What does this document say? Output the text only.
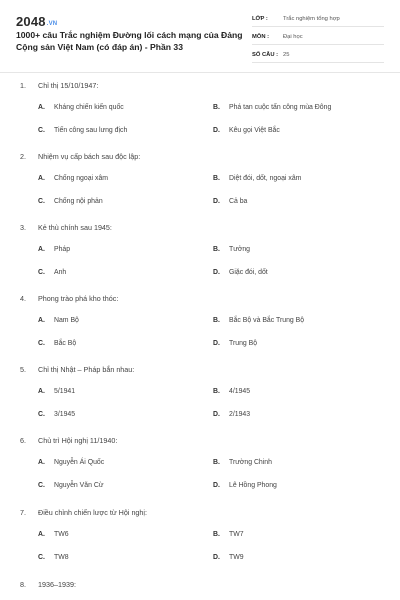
2048.VN
1000+ câu Trắc nghiệm Đường lối cách mạng của Đảng Cộng sản Việt Nam (có đáp án) - Phần 33
LỚP :	Trắc nghiệm tổng hợp
MÔN : Đại học
SỐ CÂU : 25
1. Chỉ thị 15/10/1947:
A. Kháng chiến kiến quốc	B. Phá tan cuộc tấn công mùa Đông
C. Tiến công sau lưng địch	D. Kêu gọi Việt Bắc
2. Nhiệm vụ cấp bách sau độc lập:
A. Chống ngoại xâm	B. Diệt đói, dốt, ngoại xâm
C. Chống nội phản	D. Cả ba
3. Kẻ thù chính sau 1945:
A. Pháp	B. Tưởng
C. Anh	D. Giặc đói, dốt
4. Phong trào phá kho thóc:
A. Nam Bộ	B. Bắc Bộ và Bắc Trung Bộ
C. Bắc Bộ	D. Trung Bộ
5. Chỉ thị Nhật – Pháp bắn nhau:
A. 5/1941	B. 4/1945
C. 3/1945	D. 2/1943
6. Chủ trì Hội nghị 11/1940:
A. Nguyễn Ái Quốc	B. Trường Chinh
C. Nguyễn Văn Cừ	D. Lê Hồng Phong
7. Điều chỉnh chiến lược từ Hội nghị:
A. TW6	B. TW7
C. TW8	D. TW9
8. 1936–1939:
